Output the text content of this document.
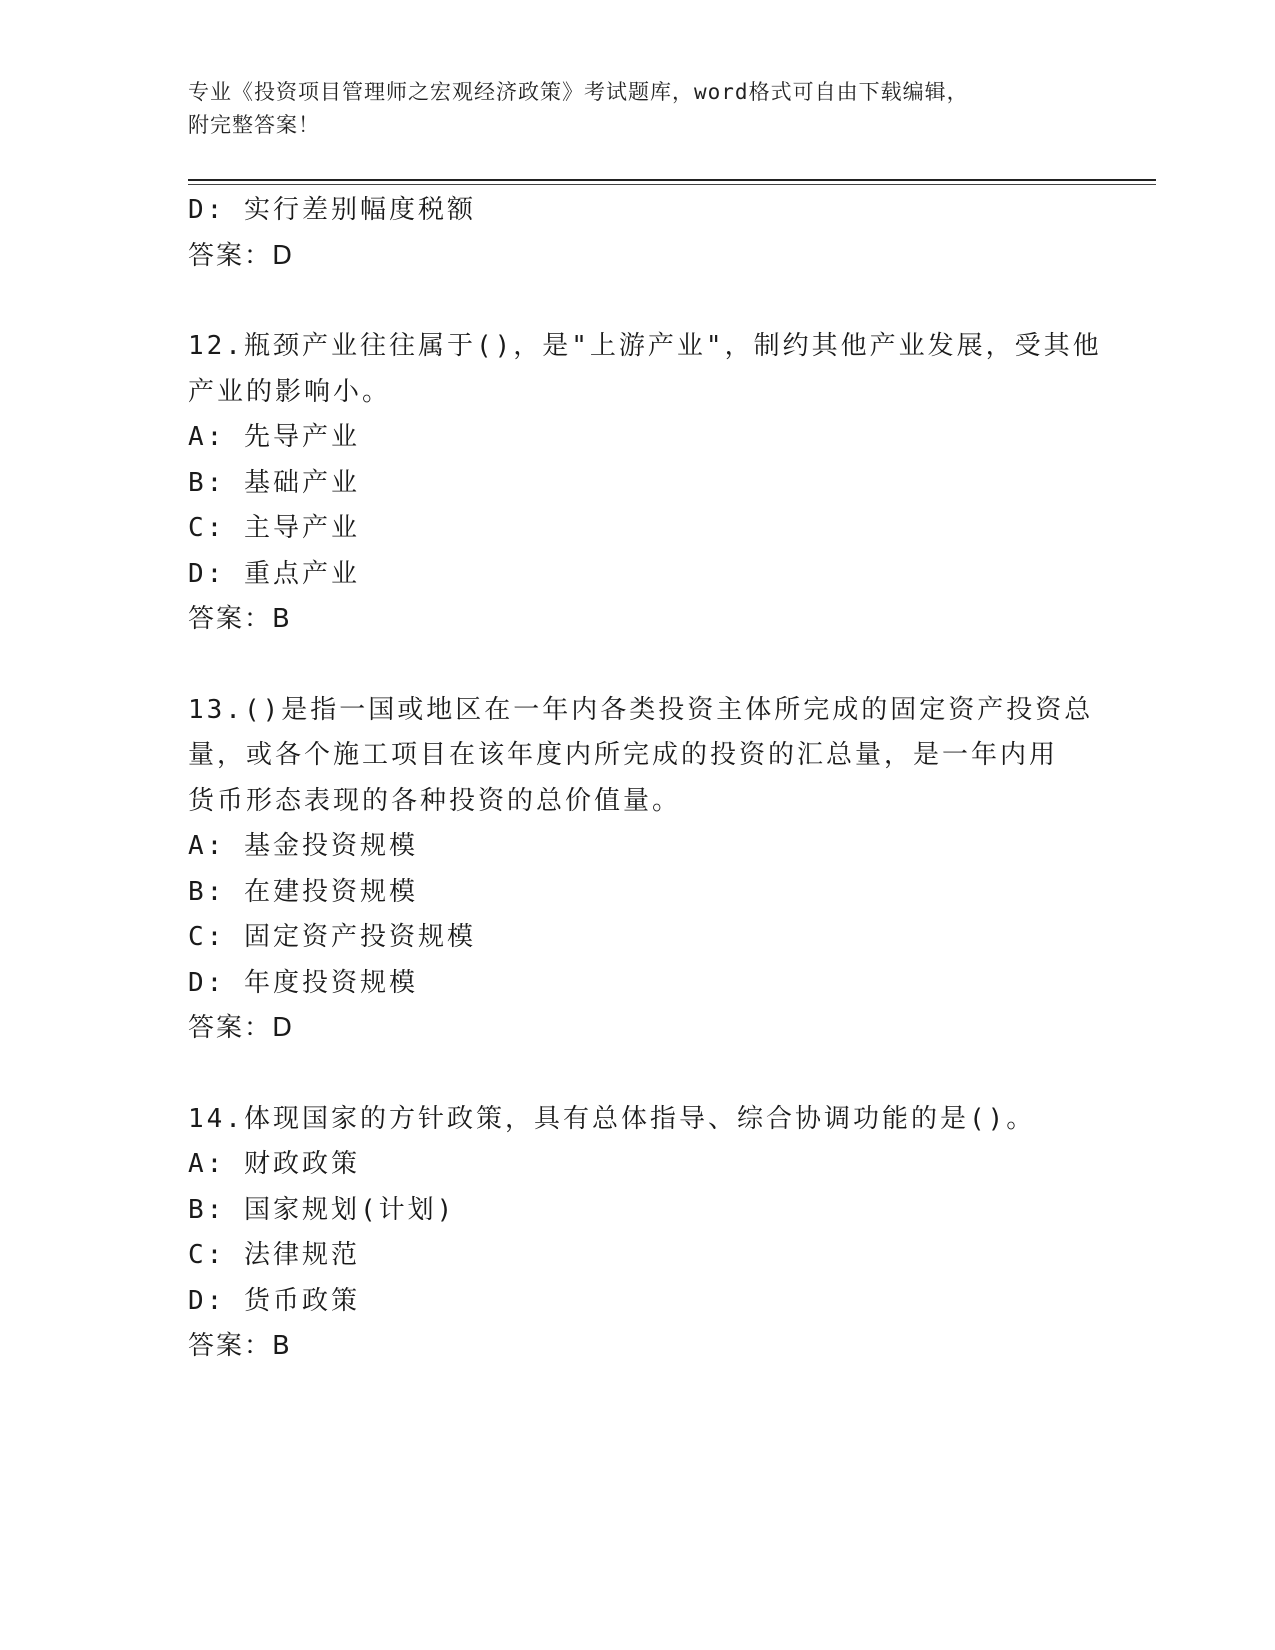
专业《投资项目管理师之宏观经济政策》考试题库，word格式可自由下载编辑，
附完整答案！
D: 实行差别幅度税额
答案：D
12.瓶颈产业往往属于()，是"上游产业"，制约其他产业发展，受其他
产业的影响小。
A: 先导产业
B: 基础产业
C: 主导产业
D: 重点产业
答案：B
13.()是指一国或地区在一年内各类投资主体所完成的固定资产投资总
量，或各个施工项目在该年度内所完成的投资的汇总量，是一年内用
货币形态表现的各种投资的总价值量。
A: 基金投资规模
B: 在建投资规模
C: 固定资产投资规模
D: 年度投资规模
答案：D
14.体现国家的方针政策，具有总体指导、综合协调功能的是()。
A: 财政政策
B: 国家规划(计划)
C: 法律规范
D: 货币政策
答案：B
